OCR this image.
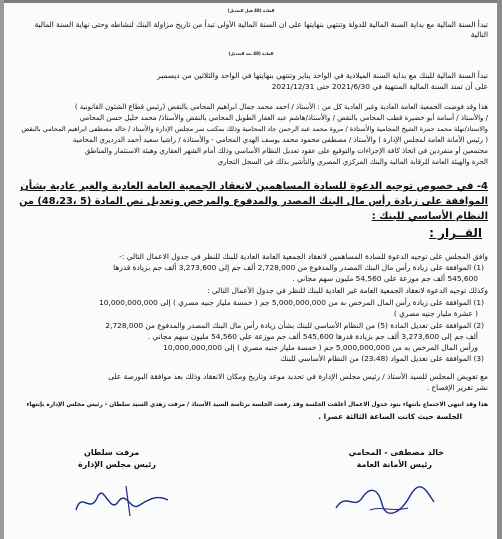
المادة (48 قبل التعديل)
تبدأ السنة المالية مع بداية السنة المالية للدولة وتنتهي بنهايتها على ان السنة المالية الأولى تبدأ من تاريخ مزاولة البنك لنشاطه وحتى نهاية السنة المالية
التالية
المادة (48 بعد التعديل)
تبدأ السنة المالية للبنك مع بداية السنة الميلادية في الواحد يناير وتنتهي بنهايتها في الواحد والثلاثين من ديسمبر
على أن تمتد السنة المالية المنتهية في 2021/6/30 حتى 2021/12/31
هذا وقد فوضت الجمعية العامة العادية وغير العادية كل من : الأستاذ / احمد محمد جمال ابراهيم المحامي بالنقض (رئيس قطاع الشئون القانونية )
/ والأستاذ / أسامة أبو خضيرة قطب المحامي بالنقض / والأستاذ/هاشم عبد الغفار الطويل المحامي بالنقض والأستاذ/ محمد خليل حسن المحامي
والاستاذ/نهلة محمد حمزة الشيخ المحامية والأستاذة / مروة محمد عبد الرحمن جاد المحامية وذلك بمكتب سر مجلس الإدارة والأستاذ / خالد مصطفى ابراهيم المحامي بالنقض
( رئيس الأمانة العامة لمجلس الإدارة ) والأستاذ / مصطفى محمود محمد يوسف الهدي المحامي - والأستاذة / راشيا سعيد أحمد الدرديري المحامية
مجتمعين أو منفردين في اتخاذ كافة الإجراءات والتوقيع على عقود تعديل النظام الأساسي وذلك أمام الشهر العقاري وهيئة الاستثمار والمناطق
الحرة والهيئة العامة للرقابة المالية والبنك المركزي المصري والتأشير بذلك في السجل التجاري
4- في خصوص توجيه الدعوة للسادة المساهمين لانعقاد الجمعية العامة العادية والغير عادية بشأن
الموافقة على زيادة رأس مال البنك المصدر والمدفوع والمرخص وتعديل نص المادة (5 ،48،23) من
النظام الأساسي للبنك :
القــرار :
وافق المجلس على توجيه الدعوة للسادة المساهمين لانعقاد الجمعية العامة العادية للبنك للنظر في جدول الاعمال التالي :-
(1) الموافقة على زيادة رأس مال البنك المصدر والمدفوع من 2,728,000 ألف جم إلى 3,273,600 ألف جم بزيادة قدرها
545,600 ألف جم موزعة على 54,560 مليون سهم مجاني .
وكذلك توجيه الدعوة لانعقاد الجمعية العامة غير العادية للبنك للنظر في جدول الأعمال التالي :
(1) الموافقة على زيادة رأس المال المرخص به من 5,000,000,000 جم ( خمسة مليار جنيه مصري ) إلى 10,000,000,000
( عشرة مليار جنيه مصري )
(2) الموافقة على تعديل المادة (5) من النظام الأساسي للبنك بشأن زيادة رأس مال البنك المصدر والمدفوع من 2,728,000
ألف جم إلى 3,273,600 ألف جم بزيادة قدرها 545,600 ألف جم موزعة على 54,560 مليون سهم مجاني .
ورأس المال المرخص به من 5,000,000,000 جم ( خمسة مليار جنيه مصري ) إلى 10,000,000,000
(3) الموافقة على تعديل المواد (23،48) من النظام الأساسي للبنك
مع تفويض المجلس للسيد الأستاذ / رئيس مجلس الإدارة في تحديد موعد وتاريخ ومكان الانعقاد وذلك بعد موافقة البورصة على
نشر تقرير الإفصاح .
هذا وقد انتهى الاجتماع بانتهاء بنود جدول الاعمال أغلقت الجلسة وقد رفعت الجلسة برئاسة السيد الأستاذ / مرفت زهدي السيد سلطان - رئيس مجلس الإدارة بإنتهاء
الجلسة حيث كانت الساعة الثالثة عصرا .
خالد مصطفى - المحامي
رئيس الأمانة العامة
مرفت سلطان
رئيس مجلس الإدارة
